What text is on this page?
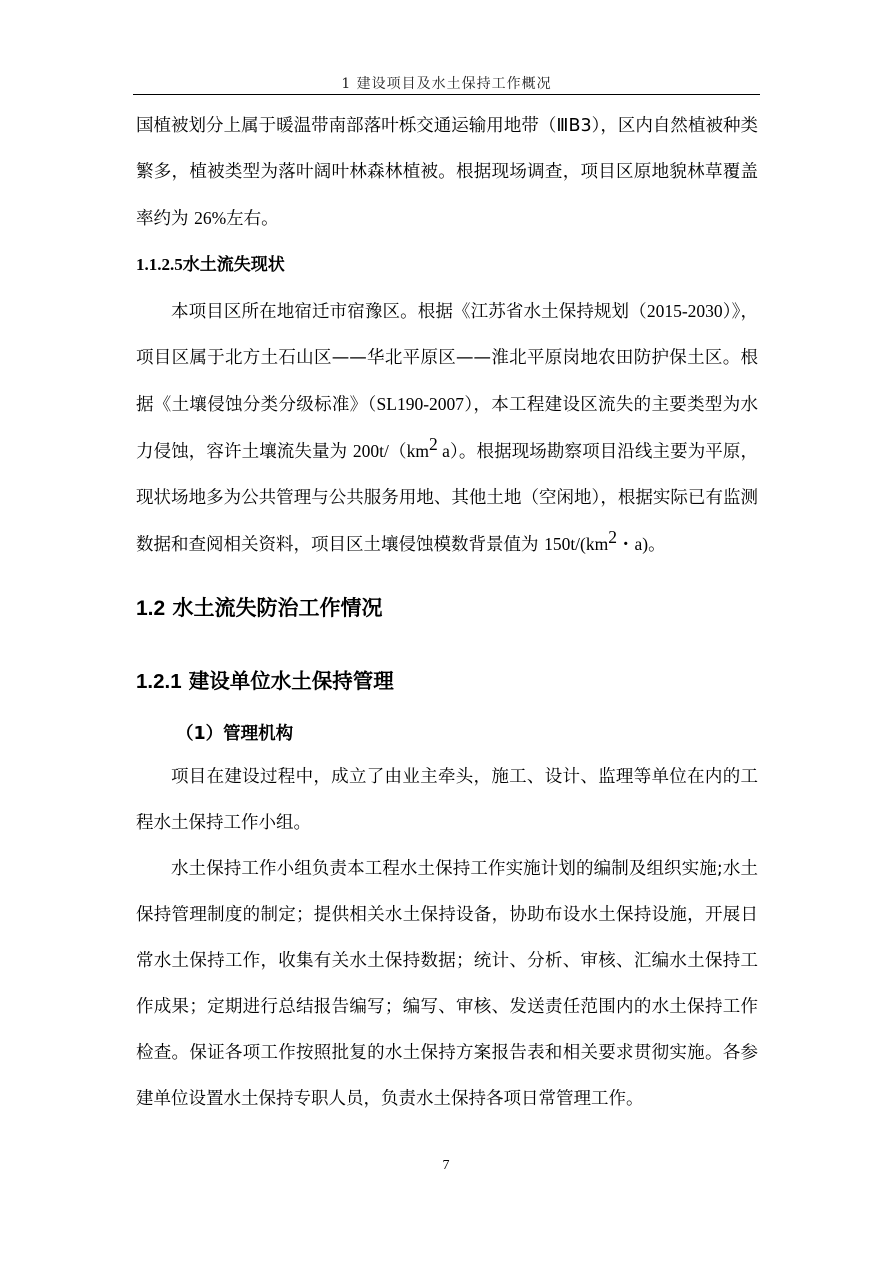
1 建设项目及水土保持工作概况

国植被划分上属于暖温带南部落叶栎交通运输用地带（ⅢB3），区内自然植被种类繁多，植被类型为落叶阔叶林森林植被。根据现场调查，项目区原地貌林草覆盖率约为 26%左右。

1.1.2.5水土流失现状

本项目区所在地宿迁市宿豫区。根据《江苏省水土保持规划（2015-2030）》，项目区属于北方土石山区——华北平原区——淮北平原岗地农田防护保土区。根据《土壤侵蚀分类分级标准》（SL190-2007），本工程建设区流失的主要类型为水力侵蚀，容许土壤流失量为 $200t/(km^2$ a）。根据现场勘察项目沿线主要为平原，现状场地多为公共管理与公共服务用地、其他土地（空闲地），根据实际已有监测数据和查阅相关资料，项目区土壤侵蚀模数背景值为 $150t/(km^2$・a)。

1.2 水土流失防治工作情况
1.2.1 建设单位水土保持管理
（1）管理机构

项目在建设过程中，成立了由业主牵头，施工、设计、监理等单位在内的工程水土保持工作小组。

水土保持工作小组负责本工程水土保持工作实施计划的编制及组织实施;水土保持管理制度的制定；提供相关水土保持设备，协助布设水土保持设施，开展日常水土保持工作，收集有关水土保持数据；统计、分析、审核、汇编水土保持工作成果；定期进行总结报告编写；编写、审核、发送责任范围内的水土保持工作检查。保证各项工作按照批复的水土保持方案报告表和相关要求贯彻实施。各参建单位设置水土保持专职人员，负责水土保持各项日常管理工作。

7
